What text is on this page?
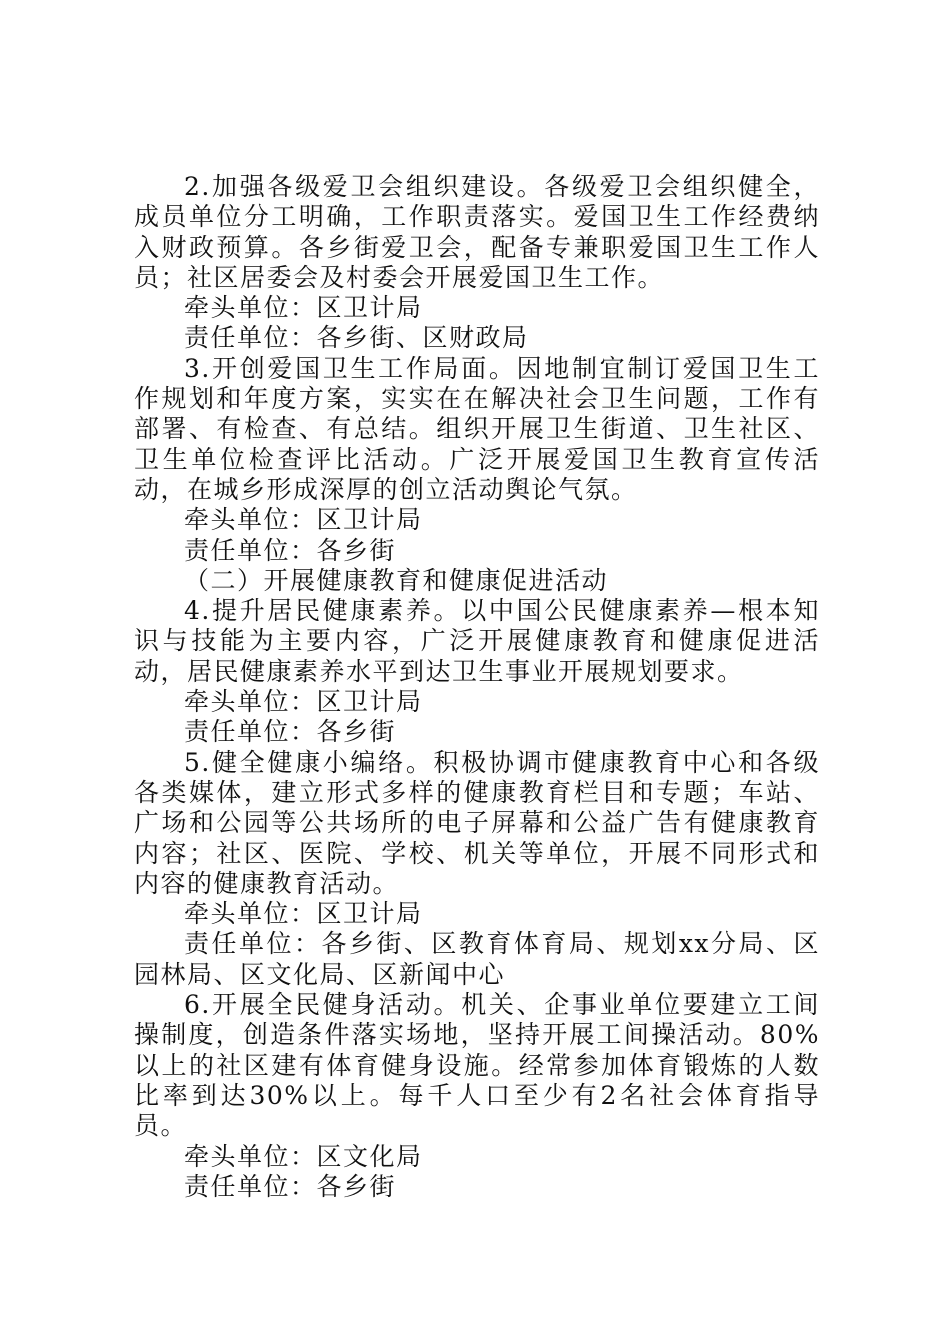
2.加强各级爱卫会组织建设。各级爱卫会组织健全，成员单位分工明确，工作职责落实。爱国卫生工作经费纳入财政预算。各乡街爱卫会，配备专兼职爱国卫生工作人员；社区居委会及村委会开展爱国卫生工作。

牵头单位：区卫计局

责任单位：各乡街、区财政局

3.开创爱国卫生工作局面。因地制宜制订爱国卫生工作规划和年度方案，实实在在解决社会卫生问题，工作有部署、有检查、有总结。组织开展卫生街道、卫生社区、卫生单位检查评比活动。广泛开展爱国卫生教育宣传活动，在城乡形成深厚的创立活动舆论气氛。

牵头单位：区卫计局

责任单位：各乡街

（二）开展健康教育和健康促进活动

4.提升居民健康素养。以中国公民健康素养—根本知识与技能为主要内容，广泛开展健康教育和健康促进活动，居民健康素养水平到达卫生事业开展规划要求。

牵头单位：区卫计局

责任单位：各乡街

5.健全健康小编络。积极协调市健康教育中心和各级各类媒体，建立形式多样的健康教育栏目和专题；车站、广场和公园等公共场所的电子屏幕和公益广告有健康教育内容；社区、医院、学校、机关等单位，开展不同形式和内容的健康教育活动。

牵头单位：区卫计局

责任单位：各乡街、区教育体育局、规划xx分局、区园林局、区文化局、区新闻中心

6.开展全民健身活动。机关、企事业单位要建立工间操制度，创造条件落实场地，坚持开展工间操活动。80%以上的社区建有体育健身设施。经常参加体育锻炼的人数比率到达30%以上。每千人口至少有2名社会体育指导员。

牵头单位：区文化局

责任单位：各乡街
